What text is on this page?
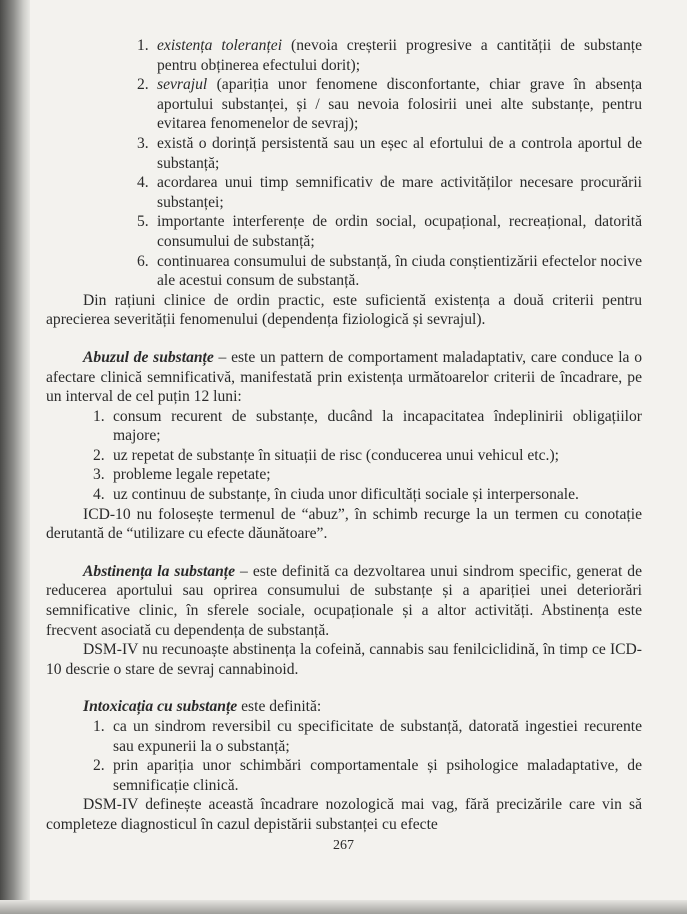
1. existența toleranței (nevoia creșterii progresive a cantității de substanțe pentru obținerea efectului dorit);
2. sevrajul (apariția unor fenomene disconfortante, chiar grave în absența aportului substanței, și / sau nevoia folosirii unei alte substanțe, pentru evitarea fenomenelor de sevraj);
3. există o dorință persistentă sau un eșec al efortului de a controla aportul de substanță;
4. acordarea unui timp semnificativ de mare activităților necesare procurării substanței;
5. importante interferențe de ordin social, ocupațional, recreațional, datorită consumului de substanță;
6. continuarea consumului de substanță, în ciuda conștientizării efectelor nocive ale acestui consum de substanță.

Din rațiuni clinice de ordin practic, este suficientă existența a două criterii pentru aprecierea severității fenomenului (dependența fiziologică și sevrajul).

Abuzul de substanțe – este un pattern de comportament maladaptativ, care conduce la o afectare clinică semnificativă, manifestată prin existența următoarelor criterii de încadrare, pe un interval de cel puțin 12 luni:

1. consum recurent de substanțe, ducând la incapacitatea îndeplinirii obligațiilor majore;
2. uz repetat de substanțe în situații de risc (conducerea unui vehicul etc.);
3. probleme legale repetate;
4. uz continuu de substanțe, în ciuda unor dificultăți sociale și interpersonale.

ICD-10 nu folosește termenul de “abuz”, în schimb recurge la un termen cu conotație derutantă de “utilizare cu efecte dăunătoare”.

Abstinența la substanțe – este definită ca dezvoltarea unui sindrom specific, generat de reducerea aportului sau oprirea consumului de substanțe și a apariției unei deteriorări semnificative clinic, în sferele sociale, ocupaționale și a altor activități. Abstinența este frecvent asociată cu dependența de substanță.

DSM-IV nu recunoaște abstinența la cofeină, cannabis sau fenilciclidină, în timp ce ICD-10 descrie o stare de sevraj cannabinoid.

Intoxicația cu substanțe este definită:

1. ca un sindrom reversibil cu specificitate de substanță, datorată ingestiei recurente sau expunerii la o substanță;
2. prin apariția unor schimbări comportamentale și psihologice maladaptative, de semnificație clinică.

DSM-IV definește această încadrare nozologică mai vag, fără precizările care vin să completeze diagnosticul în cazul depistării substanței cu efecte

267
